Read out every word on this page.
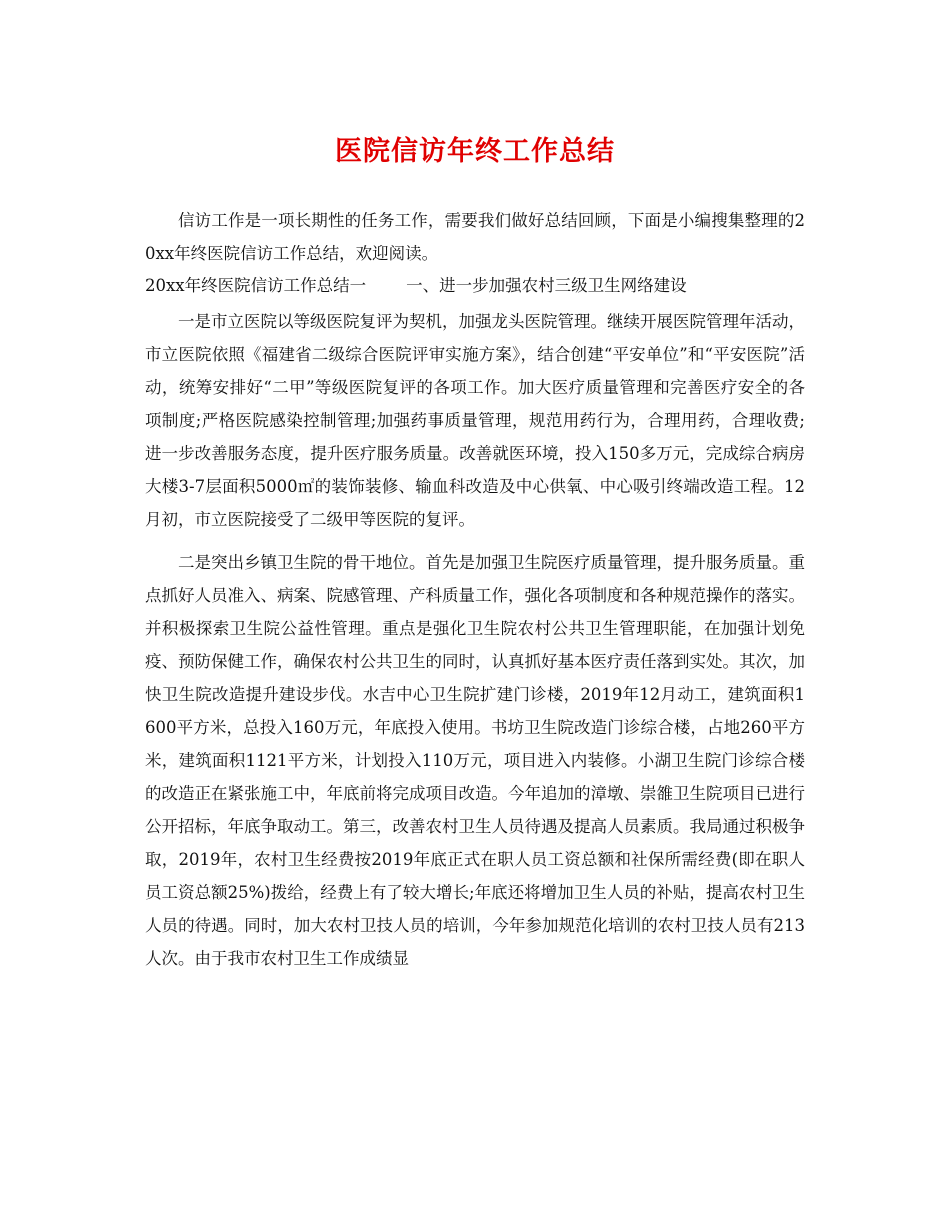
医院信访年终工作总结

信访工作是一项长期性的任务工作，需要我们做好总结回顾，下面是小编搜集整理的20xx年终医院信访工作总结，欢迎阅读。

20xx年终医院信访工作总结一 一、进一步加强农村三级卫生网络建设

一是市立医院以等级医院复评为契机，加强龙头医院管理。继续开展医院管理年活动，市立医院依照《福建省二级综合医院评审实施方案》，结合创建“平安单位”和“平安医院”活动，统筹安排好“二甲”等级医院复评的各项工作。加大医疗质量管理和完善医疗安全的各项制度;严格医院感染控制管理;加强药事质量管理，规范用药行为，合理用药，合理收费;进一步改善服务态度，提升医疗服务质量。改善就医环境，投入150多万元，完成综合病房大楼3-7层面积5000㎡的装饰装修、输血科改造及中心供氧、中心吸引终端改造工程。12月初，市立医院接受了二级甲等医院的复评。

二是突出乡镇卫生院的骨干地位。首先是加强卫生院医疗质量管理，提升服务质量。重点抓好人员准入、病案、院感管理、产科质量工作，强化各项制度和各种规范操作的落实。并积极探索卫生院公益性管理。重点是强化卫生院农村公共卫生管理职能，在加强计划免疫、预防保健工作，确保农村公共卫生的同时，认真抓好基本医疗责任落到实处。其次，加快卫生院改造提升建设步伐。水吉中心卫生院扩建门诊楼，2019年12月动工，建筑面积1600平方米，总投入160万元，年底投入使用。书坊卫生院改造门诊综合楼，占地260平方米，建筑面积1121平方米，计划投入110万元，项目进入内装修。小湖卫生院门诊综合楼的改造正在紧张施工中，年底前将完成项目改造。今年追加的漳墩、崇雒卫生院项目已进行公开招标，年底争取动工。第三，改善农村卫生人员待遇及提高人员素质。我局通过积极争取，2019年，农村卫生经费按2019年底正式在职人员工资总额和社保所需经费(即在职人员工资总额25%)拨给，经费上有了较大增长;年底还将增加卫生人员的补贴，提高农村卫生人员的待遇。同时，加大农村卫技人员的培训，今年参加规范化培训的农村卫技人员有213人次。由于我市农村卫生工作成绩显
